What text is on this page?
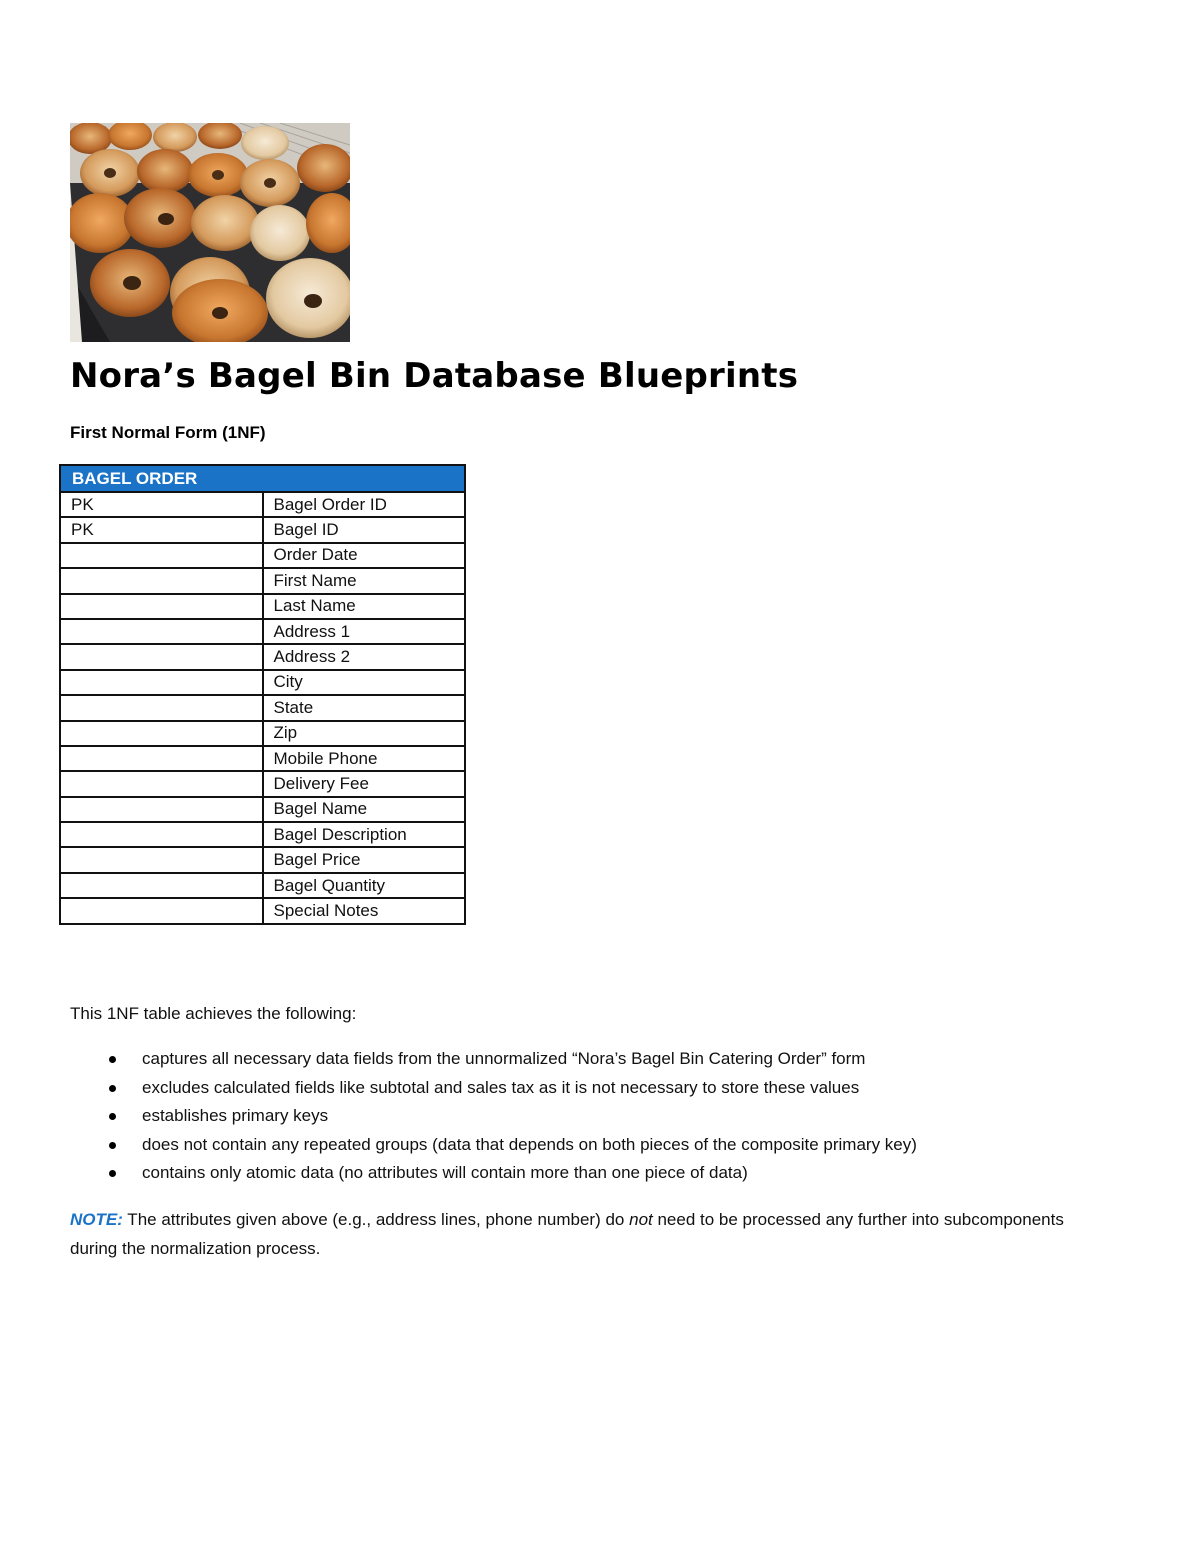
Nora’s Bagel Bin Database Blueprints
First Normal Form (1NF)
BAGEL ORDER	
PK	Bagel Order ID
PK	Bagel ID
	Order Date
	First Name
	Last Name
	Address 1
	Address 2
	City
	State
	Zip
	Mobile Phone
	Delivery Fee
	Bagel Name
	Bagel Description
	Bagel Price
	Bagel Quantity
	Special Notes

This 1NF table achieves the following:

captures all necessary data fields from the unnormalized “Nora’s Bagel Bin Catering Order” form
excludes calculated fields like subtotal and sales tax as it is not necessary to store these values
establishes primary keys
does not contain any repeated groups (data that depends on both pieces of the composite primary key)
contains only atomic data (no attributes will contain more than one piece of data)

NOTE: The attributes given above (e.g., address lines, phone number) do not need to be processed any further into subcomponents during the normalization process.
